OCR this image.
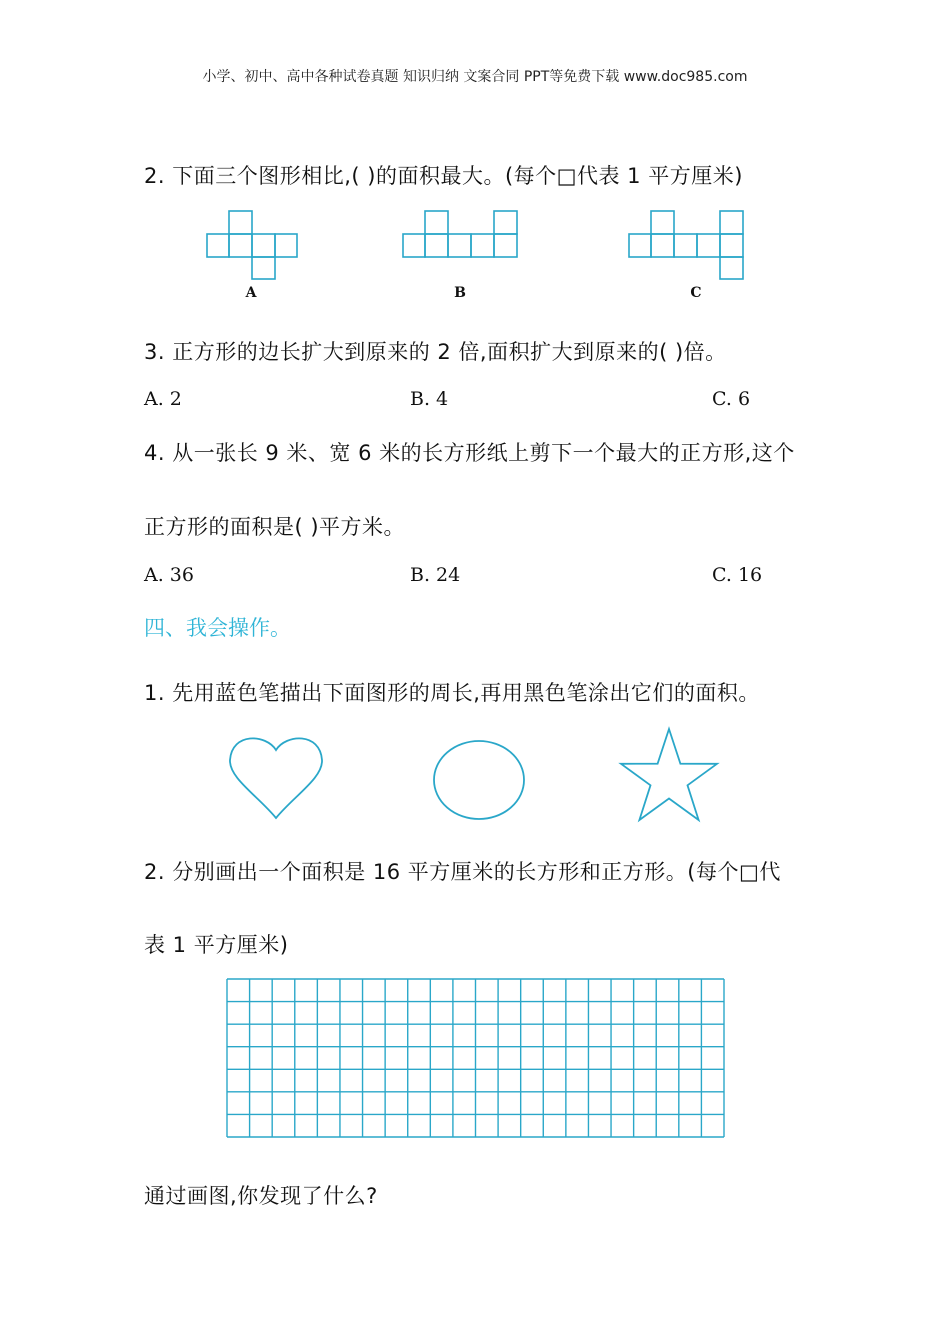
小学、初中、高中各种试卷真题 知识归纳 文案合同 PPT等免费下载 www.doc985.com
2. 下面三个图形相比,( )的面积最大。(每个□代表 1 平方厘米)
A	B	C
3. 正方形的边长扩大到原来的 2 倍,面积扩大到原来的( )倍。
A. 2	B. 4	C. 6
4. 从一张长 9 米、宽 6 米的长方形纸上剪下一个最大的正方形,这个
正方形的面积是( )平方米。
A. 36	B. 24	C. 16
四、我会操作。
1. 先用蓝色笔描出下面图形的周长,再用黑色笔涂出它们的面积。
2. 分别画出一个面积是 16 平方厘米的长方形和正方形。(每个□代
表 1 平方厘米)
通过画图,你发现了什么?
